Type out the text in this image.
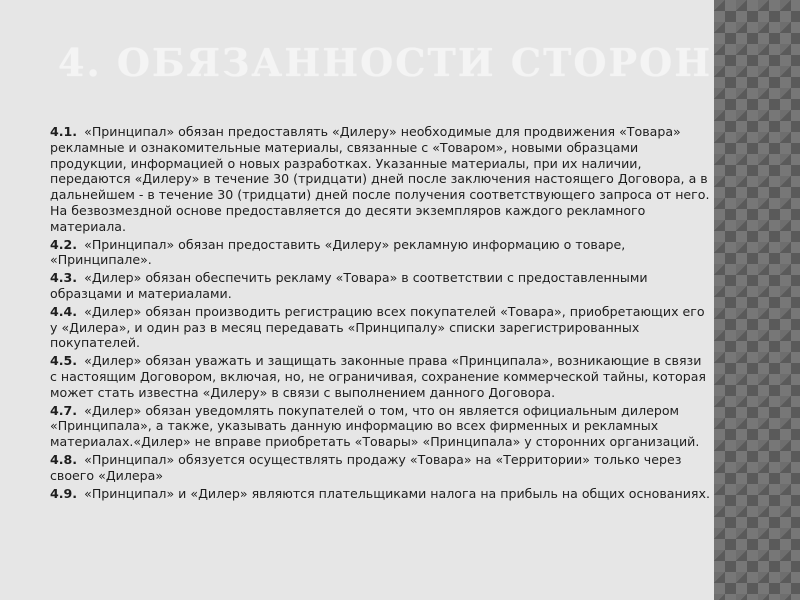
4. ОБЯЗАННОСТИ СТОРОН
4.1. «Принципал» обязан предоставлять «Дилеру» необходимые для продвижения «Товара» рекламные и ознакомительные материалы, связанные с «Товаром», новыми образцами продукции, информацией о новых разработках. Указанные материалы, при их наличии, передаются «Дилеру» в течение 30 (тридцати) дней после заключения настоящего Договора, а в дальнейшем - в течение 30 (тридцати) дней после получения соответствующего запроса от него. На безвозмездной основе предоставляется до десяти экземпляров каждого рекламного материала.
4.2. «Принципал» обязан предоставить «Дилеру» рекламную информацию о товаре, «Принципале».
4.3. «Дилер» обязан обеспечить рекламу «Товара» в соответствии с предоставленными образцами и материалами.
4.4. «Дилер» обязан производить регистрацию всех покупателей «Товара», приобретающих его у «Дилера», и один раз в месяц передавать «Принципалу» списки зарегистрированных покупателей.
4.5. «Дилер» обязан уважать и защищать законные права «Принципала», возникающие в связи с настоящим Договором, включая, но, не ограничивая, сохранение коммерческой тайны, которая может стать известна «Дилеру» в связи с выполнением данного Договора.
4.7. «Дилер» обязан уведомлять покупателей о том, что он является официальным дилером «Принципала», а также, указывать данную информацию во всех фирменных и рекламных материалах.«Дилер» не вправе приобретать «Товары» «Принципала» у сторонних организаций.
4.8. «Принципал» обязуется осуществлять продажу «Товара» на «Территории» только через своего «Дилера»
4.9. «Принципал» и «Дилер» являются плательщиками налога на прибыль на общих основаниях.
